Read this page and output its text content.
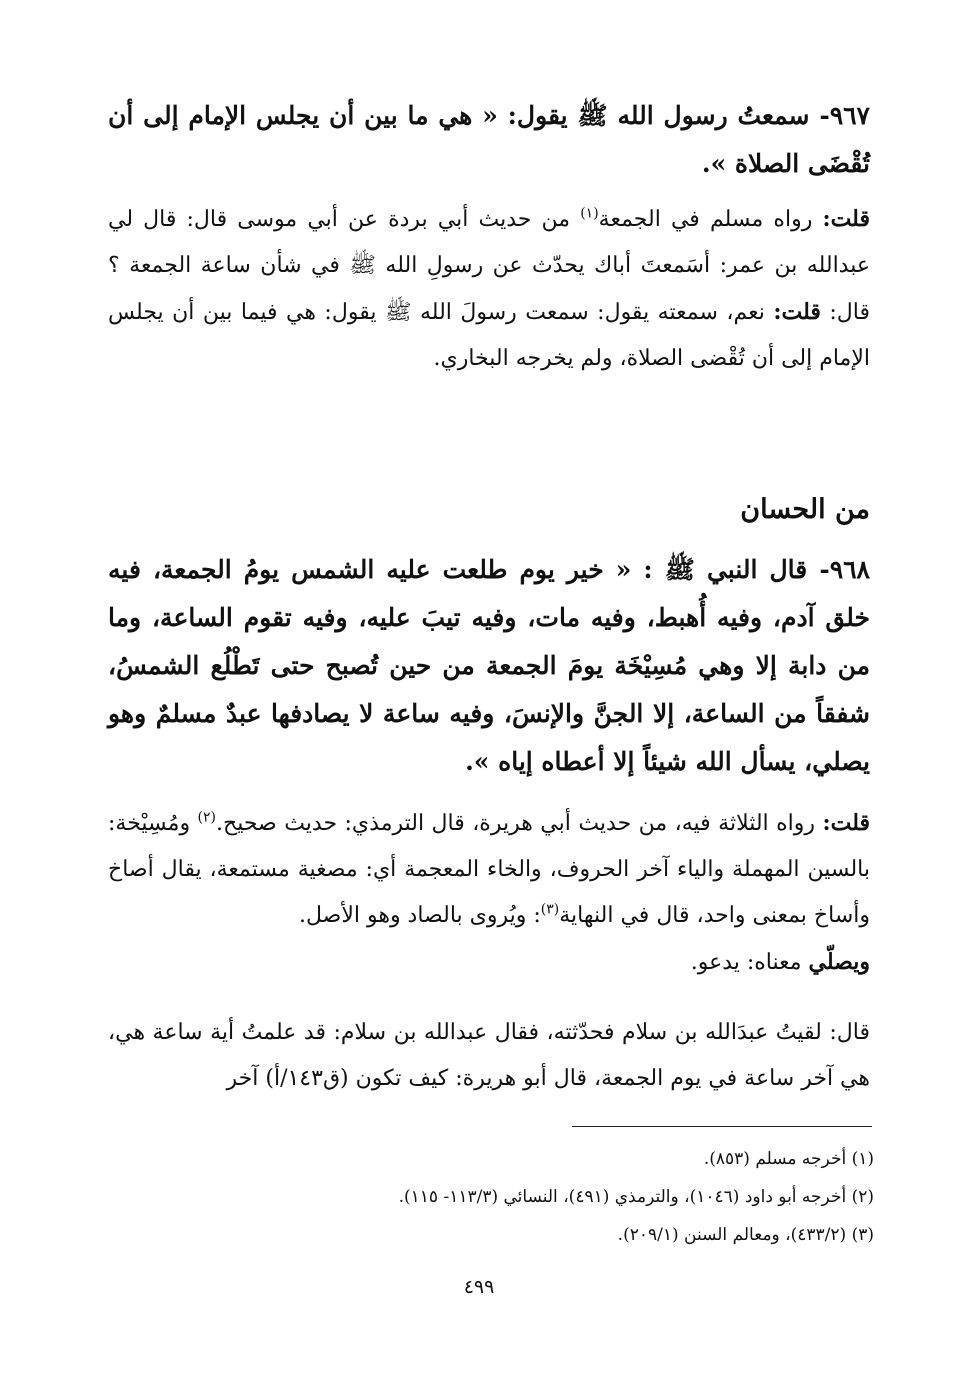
٩٦٧- سمعتُ رسول الله ﷺ يقول: « هي ما بين أن يجلس الإمام إلى أن تُقْضَى الصلاة ».
قلت: رواه مسلم في الجمعة$^{(١)}$ من حديث أبي بردة عن أبي موسى قال: قال لي عبدالله بن عمر: أسَمعتَ أباك يحدّث عن رسولِ الله ﷺ في شأن ساعة الجمعة ؟ قال: قلت: نعم، سمعته يقول: سمعت رسولَ الله ﷺ يقول: هي فيما بين أن يجلس الإمام إلى أن تُقْضى الصلاة، ولم يخرجه البخاري.
من الحسان
٩٦٨- قال النبي ﷺ : « خير يوم طلعت عليه الشمس يومُ الجمعة، فيه خلق آدم، وفيه أُهبط، وفيه مات، وفيه تيبَ عليه، وفيه تقوم الساعة، وما من دابة إلا وهي مُسِيْخَة يومَ الجمعة من حين تُصبح حتى تَطْلُع الشمسُ، شفقاً من الساعة، إلا الجنَّ والإنسَ، وفيه ساعة لا يصادفها عبدٌ مسلمٌ وهو يصلي، يسأل الله شيئاً إلا أعطاه إياه ».
قلت: رواه الثلاثة فيه، من حديث أبي هريرة، قال الترمذي: حديث صحيح.$^{(٢)}$ ومُسِيْخة: بالسين المهملة والياء آخر الحروف، والخاء المعجمة أي: مصغية مستمعة، يقال أصاخ وأساخ بمعنى واحد، قال في النهاية$^{(٣)}$: ويُروى بالصاد وهو الأصل.
ويصلّي معناه: يدعو.
قال: لقيتُ عبدَالله بن سلام فحدّثته، فقال عبدالله بن سلام: قد علمتُ أية ساعة هي، هي آخر ساعة في يوم الجمعة، قال أبو هريرة: كيف تكون (ق١٤٣/أ) آخر
(١) أخرجه مسلم (٨٥٣).
(٢) أخرجه أبو داود (١٠٤٦)، والترمذي (٤٩١)، النسائي (١١٣/٣- ١١٥).
(٣) (٤٣٣/٢)، ومعالم السنن (٢٠٩/١).
٤٩٩
